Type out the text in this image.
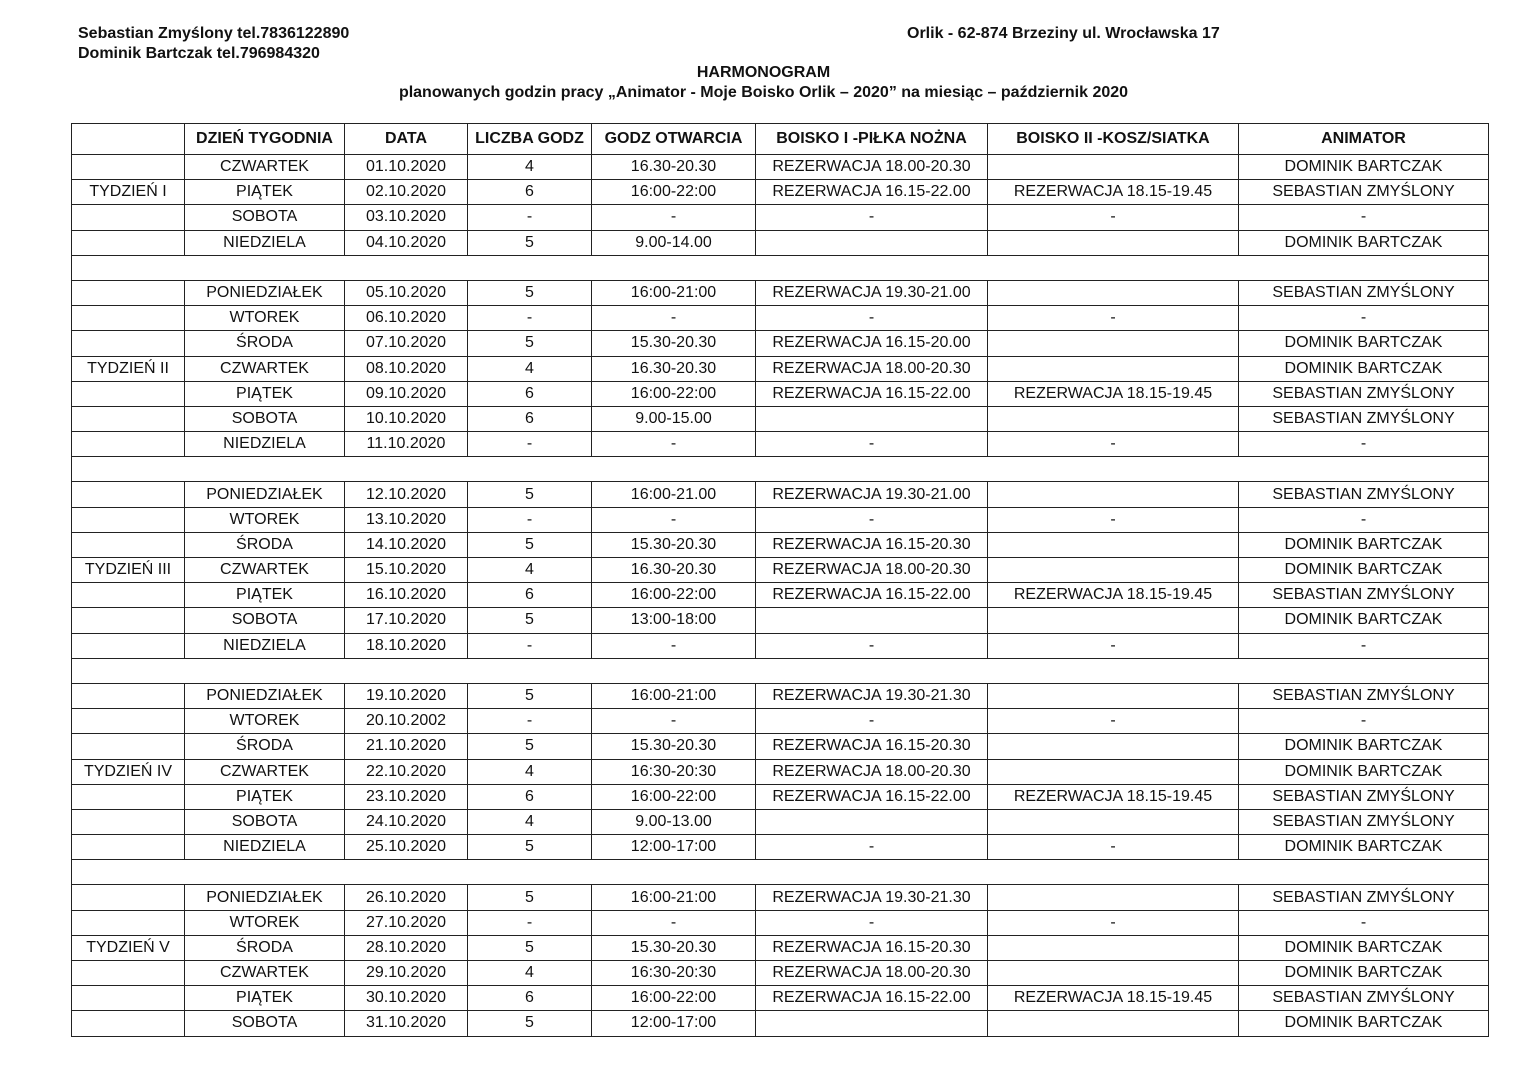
Sebastian Zmyślony tel.7836122890
Dominik Bartczak tel.796984320
Orlik - 62-874 Brzeziny ul. Wrocławska 17
HARMONOGRAM
planowanych godzin pracy „Animator - Moje Boisko Orlik – 2020” na miesiąc – październik 2020
	DZIEŃ TYGODNIA	DATA	LICZBA GODZ	GODZ OTWARCIA	BOISKO I -PIŁKA NOŻNA	BOISKO II -KOSZ/SIATKA	ANIMATOR
	CZWARTEK	01.10.2020	4	16.30-20.30	REZERWACJA 18.00-20.30		DOMINIK BARTCZAK
TYDZIEŃ I	PIĄTEK	02.10.2020	6	16:00-22:00	REZERWACJA 16.15-22.00	REZERWACJA 18.15-19.45	SEBASTIAN ZMYŚLONY
	SOBOTA	03.10.2020	-	-	-	-	-
	NIEDZIELA	04.10.2020	5	9.00-14.00			DOMINIK BARTCZAK

	PONIEDZIAŁEK	05.10.2020	5	16:00-21:00	REZERWACJA 19.30-21.00		SEBASTIAN ZMYŚLONY
	WTOREK	06.10.2020	-	-	-	-	-
	ŚRODA	07.10.2020	5	15.30-20.30	REZERWACJA 16.15-20.00		DOMINIK BARTCZAK
TYDZIEŃ II	CZWARTEK	08.10.2020	4	16.30-20.30	REZERWACJA 18.00-20.30		DOMINIK BARTCZAK
	PIĄTEK	09.10.2020	6	16:00-22:00	REZERWACJA 16.15-22.00	REZERWACJA 18.15-19.45	SEBASTIAN ZMYŚLONY
	SOBOTA	10.10.2020	6	9.00-15.00			SEBASTIAN ZMYŚLONY
	NIEDZIELA	11.10.2020	-	-	-	-	-

	PONIEDZIAŁEK	12.10.2020	5	16:00-21.00	REZERWACJA 19.30-21.00		SEBASTIAN ZMYŚLONY
	WTOREK	13.10.2020	-	-	-	-	-
	ŚRODA	14.10.2020	5	15.30-20.30	REZERWACJA 16.15-20.30		DOMINIK BARTCZAK
TYDZIEŃ III	CZWARTEK	15.10.2020	4	16.30-20.30	REZERWACJA 18.00-20.30		DOMINIK BARTCZAK
	PIĄTEK	16.10.2020	6	16:00-22:00	REZERWACJA 16.15-22.00	REZERWACJA 18.15-19.45	SEBASTIAN ZMYŚLONY
	SOBOTA	17.10.2020	5	13:00-18:00			DOMINIK BARTCZAK
	NIEDZIELA	18.10.2020	-	-	-	-	-

	PONIEDZIAŁEK	19.10.2020	5	16:00-21:00	REZERWACJA 19.30-21.30		SEBASTIAN ZMYŚLONY
	WTOREK	20.10.2002	-	-	-	-	-
	ŚRODA	21.10.2020	5	15.30-20.30	REZERWACJA 16.15-20.30		DOMINIK BARTCZAK
TYDZIEŃ IV	CZWARTEK	22.10.2020	4	16:30-20:30	REZERWACJA 18.00-20.30		DOMINIK BARTCZAK
	PIĄTEK	23.10.2020	6	16:00-22:00	REZERWACJA 16.15-22.00	REZERWACJA 18.15-19.45	SEBASTIAN ZMYŚLONY
	SOBOTA	24.10.2020	4	9.00-13.00			SEBASTIAN ZMYŚLONY
	NIEDZIELA	25.10.2020	5	12:00-17:00	-	-	DOMINIK BARTCZAK

	PONIEDZIAŁEK	26.10.2020	5	16:00-21:00	REZERWACJA 19.30-21.30		SEBASTIAN ZMYŚLONY
	WTOREK	27.10.2020	-	-	-	-	-
TYDZIEŃ V	ŚRODA	28.10.2020	5	15.30-20.30	REZERWACJA 16.15-20.30		DOMINIK BARTCZAK
	CZWARTEK	29.10.2020	4	16:30-20:30	REZERWACJA 18.00-20.30		DOMINIK BARTCZAK
	PIĄTEK	30.10.2020	6	16:00-22:00	REZERWACJA 16.15-22.00	REZERWACJA 18.15-19.45	SEBASTIAN ZMYŚLONY
	SOBOTA	31.10.2020	5	12:00-17:00			DOMINIK BARTCZAK
